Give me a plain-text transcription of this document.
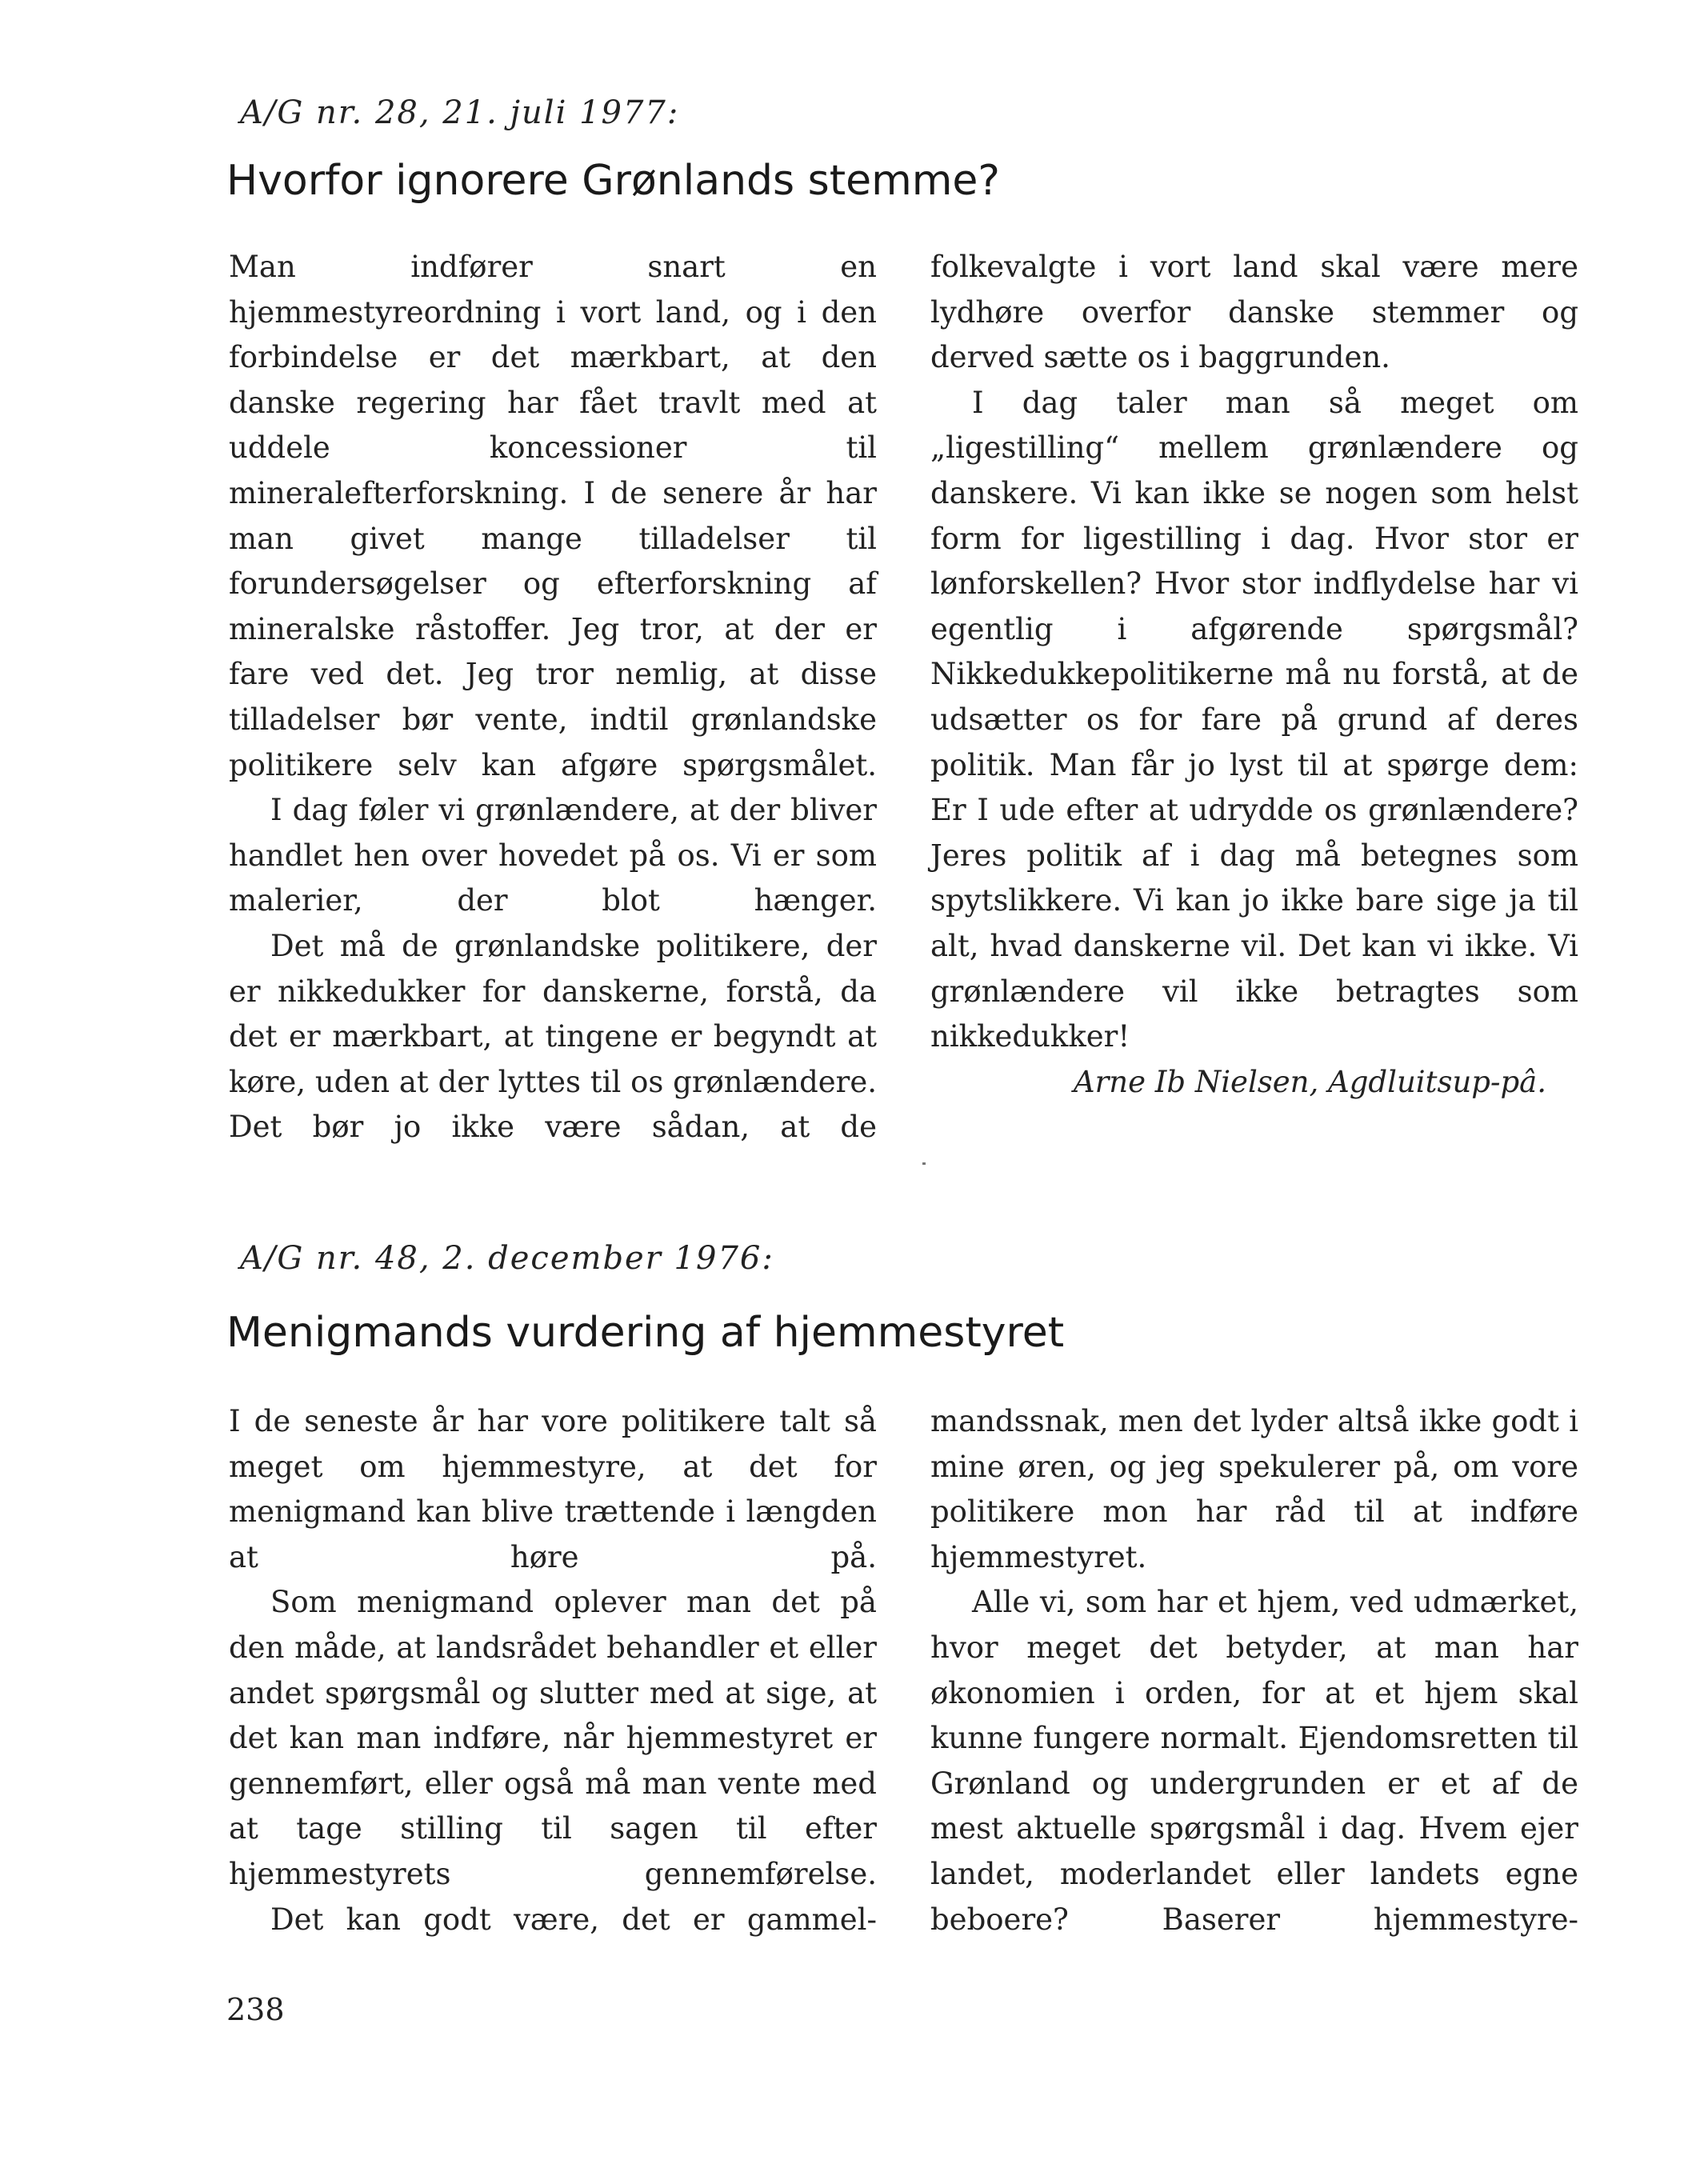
A/G nr. 28, 21. juli 1977:
Hvorfor ignorere Grønlands stemme?

Man indfører snart en hjemmestyreordning i vort land, og i den forbindelse er det mærkbart, at den danske regering har fået travlt med at uddele koncessioner til mineralefterforskning. I de senere år har man givet mange tilladelser til forundersøgelser og efterforskning af mineralske råstoffer. Jeg tror, at der er fare ved det. Jeg tror nemlig, at disse tilladelser bør vente, indtil grønlandske politikere selv kan afgøre spørgsmålet.

I dag føler vi grønlændere, at der bliver handlet hen over hovedet på os. Vi er som malerier, der blot hænger.

Det må de grønlandske politikere, der er nikkedukker for danskerne, forstå, da det er mærkbart, at tingene er begyndt at køre, uden at der lyttes til os grønlændere. Det bør jo ikke være sådan, at de

folkevalgte i vort land skal være mere lydhøre overfor danske stemmer og derved sætte os i baggrunden.

I dag taler man så meget om „ligestilling“ mellem grønlændere og danskere. Vi kan ikke se nogen som helst form for ligestilling i dag. Hvor stor er lønforskellen? Hvor stor indflydelse har vi egentlig i afgørende spørgsmål? Nikkedukkepolitikerne må nu forstå, at de udsætter os for fare på grund af deres politik. Man får jo lyst til at spørge dem: Er I ude efter at udrydde os grønlændere? Jeres politik af i dag må betegnes som spytslikkere. Vi kan jo ikke bare sige ja til alt, hvad danskerne vil. Det kan vi ikke. Vi grønlændere vil ikke betragtes som nikkedukker!

Arne Ib Nielsen, Agdluitsup-pâ.

A/G nr. 48, 2. december 1976:
Menigmands vurdering af hjemmestyret

I de seneste år har vore politikere talt så meget om hjemmestyre, at det for menigmand kan blive trættende i længden at høre på.

Som menigmand oplever man det på den måde, at landsrådet behandler et eller andet spørgsmål og slutter med at sige, at det kan man indføre, når hjemmestyret er gennemført, eller også må man vente med at tage stilling til sagen til efter hjemmestyrets gennemførelse.

Det kan godt være, det er gammel-

mandssnak, men det lyder altså ikke godt i mine øren, og jeg spekulerer på, om vore politikere mon har råd til at indføre hjemmestyret.

Alle vi, som har et hjem, ved udmærket, hvor meget det betyder, at man har økonomien i orden, for at et hjem skal kunne fungere normalt. Ejendomsretten til Grønland og undergrunden er et af de mest aktuelle spørgsmål i dag. Hvem ejer landet, moderlandet eller landets egne beboere? Baserer hjemmestyre-

238
